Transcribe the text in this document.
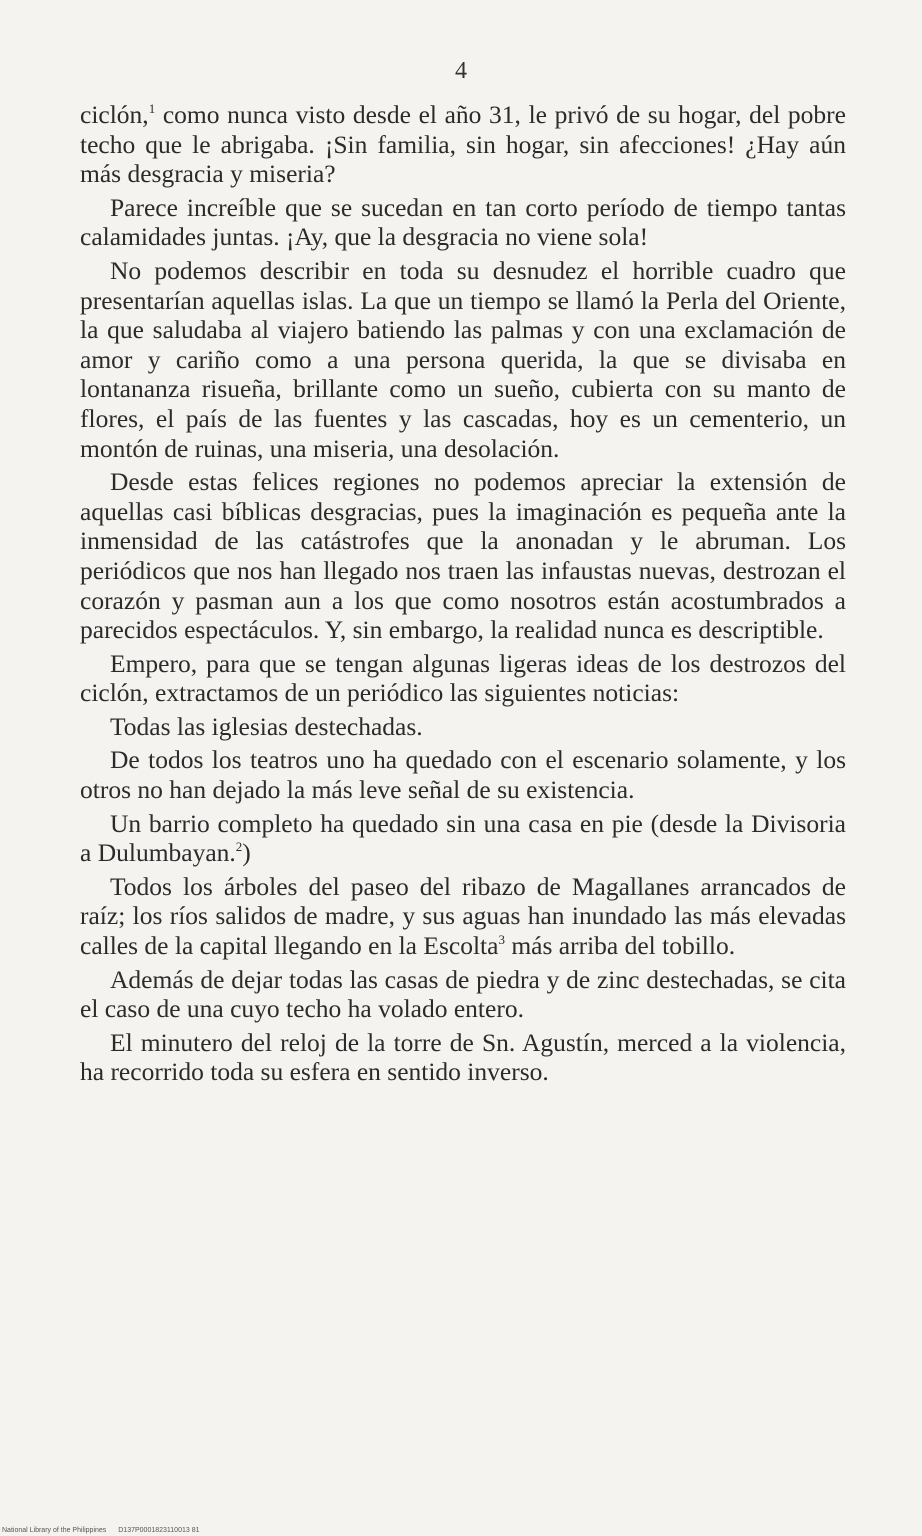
4

ciclón,$^1$ como nunca visto desde el año 31, le privó de su hogar, del pobre techo que le abrigaba. ¡Sin familia, sin hogar, sin afecciones! ¿Hay aún más desgracia y miseria?

Parece increíble que se sucedan en tan corto período de tiempo tantas calamidades juntas. ¡Ay, que la desgracia no viene sola!

No podemos describir en toda su desnudez el horrible cuadro que presentarían aquellas islas. La que un tiempo se llamó la Perla del Oriente, la que saludaba al viajero batiendo las palmas y con una exclamación de amor y cariño como a una persona querida, la que se divisaba en lontananza risueña, brillante como un sueño, cubierta con su manto de flores, el país de las fuentes y las cascadas, hoy es un cementerio, un montón de ruinas, una miseria, una desolación.

Desde estas felices regiones no podemos apreciar la extensión de aquellas casi bíblicas desgracias, pues la imaginación es pequeña ante la inmensidad de las catástrofes que la anonadan y le abruman. Los periódicos que nos han llegado nos traen las infaustas nuevas, destrozan el corazón y pasman aun a los que como nosotros están acostumbrados a parecidos espectáculos. Y, sin embargo, la realidad nunca es descriptible.

Empero, para que se tengan algunas ligeras ideas de los destrozos del ciclón, extractamos de un periódico las siguientes noticias:

Todas las iglesias destechadas.

De todos los teatros uno ha quedado con el escenario solamente, y los otros no han dejado la más leve señal de su existencia.

Un barrio completo ha quedado sin una casa en pie (desde la Divisoria a Dulumbayan.$^2$)

Todos los árboles del paseo del ribazo de Magallanes arrancados de raíz; los ríos salidos de madre, y sus aguas han inundado las más elevadas calles de la capital llegando en la Escolta$^3$ más arriba del tobillo.

Además de dejar todas las casas de piedra y de zinc destechadas, se cita el caso de una cuyo techo ha volado entero.

El minutero del reloj de la torre de Sn. Agustín, merced a la violencia, ha recorrido toda su esfera en sentido inverso.

National Library of the Philippines D137P0001823110013 81
